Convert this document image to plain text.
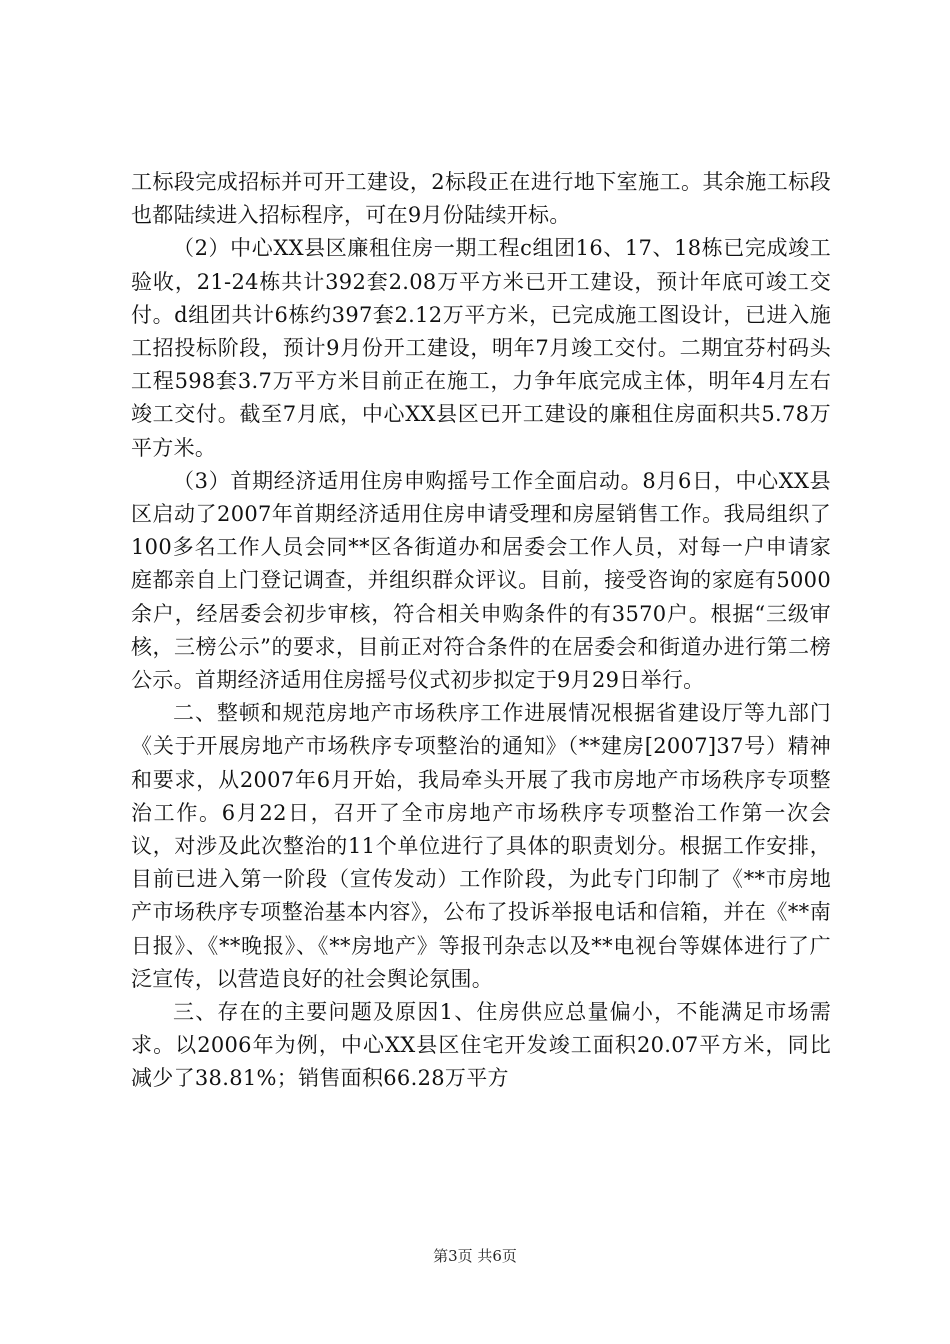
工标段完成招标并可开工建设，2标段正在进行地下室施工。其余施工标段也都陆续进入招标程序，可在9月份陆续开标。

（2）中心XX县区廉租住房一期工程c组团16、17、18栋已完成竣工验收，21-24栋共计392套2.08万平方米已开工建设，预计年底可竣工交付。d组团共计6栋约397套2.12万平方米，已完成施工图设计，已进入施工招投标阶段，预计9月份开工建设，明年7月竣工交付。二期宜芬村码头工程598套3.7万平方米目前正在施工，力争年底完成主体，明年4月左右竣工交付。截至7月底，中心XX县区已开工建设的廉租住房面积共5.78万平方米。

（3）首期经济适用住房申购摇号工作全面启动。8月6日，中心XX县区启动了2007年首期经济适用住房申请受理和房屋销售工作。我局组织了100多名工作人员会同**区各街道办和居委会工作人员，对每一户申请家庭都亲自上门登记调查，并组织群众评议。目前，接受咨询的家庭有5000余户，经居委会初步审核，符合相关申购条件的有3570户。根据“三级审核，三榜公示”的要求，目前正对符合条件的在居委会和街道办进行第二榜公示。首期经济适用住房摇号仪式初步拟定于9月29日举行。

二、整顿和规范房地产市场秩序工作进展情况根据省建设厅等九部门《关于开展房地产市场秩序专项整治的通知》（**建房[2007]37号）精神和要求，从2007年6月开始，我局牵头开展了我市房地产市场秩序专项整治工作。6月22日，召开了全市房地产市场秩序专项整治工作第一次会议，对涉及此次整治的11个单位进行了具体的职责划分。根据工作安排，目前已进入第一阶段（宣传发动）工作阶段，为此专门印制了《**市房地产市场秩序专项整治基本内容》，公布了投诉举报电话和信箱，并在《**南日报》、《**晚报》、《**房地产》等报刊杂志以及**电视台等媒体进行了广泛宣传，以营造良好的社会舆论氛围。

三、存在的主要问题及原因1、住房供应总量偏小，不能满足市场需求。以2006年为例，中心XX县区住宅开发竣工面积20.07平方米，同比减少了38.81%；销售面积66.28万平方

第3页 共6页
